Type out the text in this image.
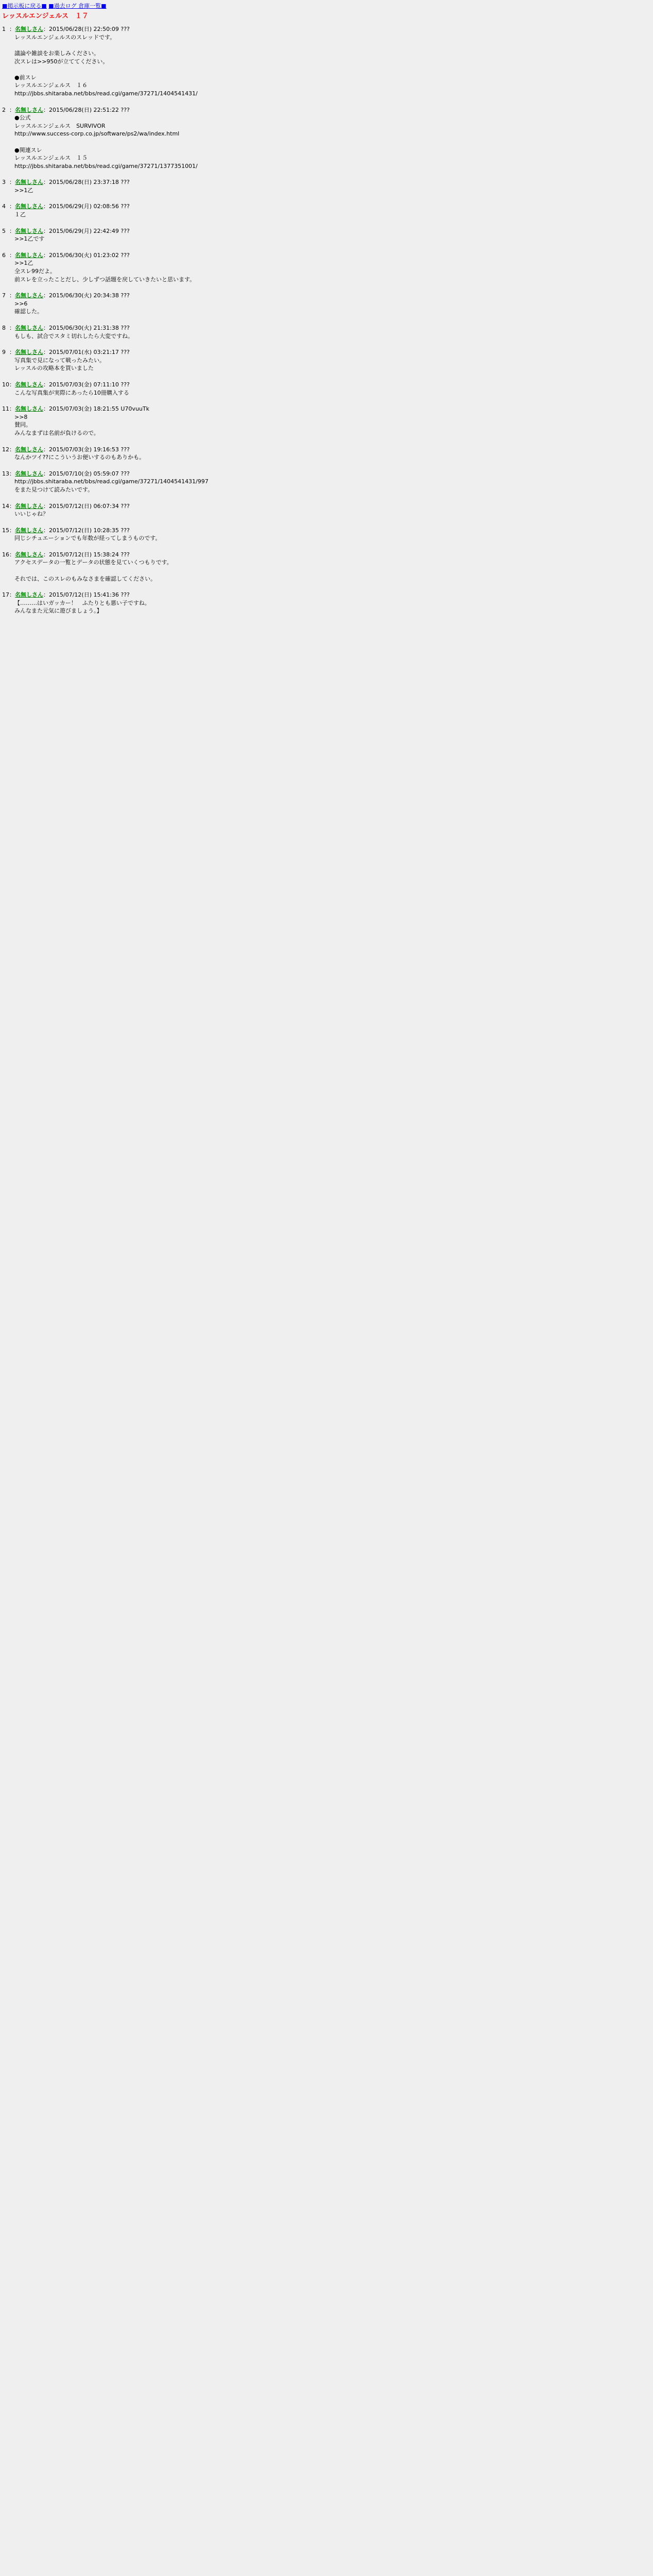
■掲示板に戻る■ ■過去ログ 倉庫一覧■
レッスルエンジェルス　１７
1 ：名無しさん：2015/06/28(日) 22:50:09 ???
レッスルエンジェルスのスレッドです。

議論や雑談をお楽しみください。
次スレは>>950が立ててください。

●前スレ
レッスルエンジェルス　１６
http://jbbs.shitaraba.net/bbs/read.cgi/game/37271/1404541431/
2 ：名無しさん：2015/06/28(日) 22:51:22 ???
●公式
レッスルエンジェルス　SURVIVOR
http://www.success-corp.co.jp/software/ps2/wa/index.html

●関連スレ
レッスルエンジェルス　１５
http://jbbs.shitaraba.net/bbs/read.cgi/game/37271/1377351001/
3 ：名無しさん：2015/06/28(日) 23:37:18 ???
>>1乙
4 ：名無しさん：2015/06/29(月) 02:08:56 ???
１乙
5 ：名無しさん：2015/06/29(月) 22:42:49 ???
>>1乙です
6 ：名無しさん：2015/06/30(火) 01:23:02 ???
>>1乙
全スレ99だよ。
前スレを立ったことだし、少しずつ話題を戻していきたいと思います。
7 ：名無しさん：2015/06/30(火) 20:34:38 ???
>>6
確認した。
8 ：名無しさん：2015/06/30(火) 21:31:38 ???
もしも、試合でスタミ切れしたら大変ですね。
9 ：名無しさん：2015/07/01(水) 03:21:17 ???
写真集で見になって戦ったみたい。
レッスルの攻略本を買いました
10：名無しさん：2015/07/03(金) 07:11:10 ???
こんな写真集が実際にあったら10冊購入する
11：名無しさん：2015/07/03(金) 18:21:55 U70vuuTk
>>8
賛同。
みんなまずは名前が負けるので。
12：名無しさん：2015/07/03(金) 19:16:53 ???
なんかツイ??にこういうお便いするのもありかも。
13：名無しさん：2015/07/10(金) 05:59:07 ???
http://jbbs.shitaraba.net/bbs/read.cgi/game/37271/1404541431/997
をまた見つけて読みたいです。
14：名無しさん：2015/07/12(日) 06:07:34 ???
いいじゃね？
15：名無しさん：2015/07/12(日) 10:28:35 ???
同じシチュエーションでも年数が経ってしまうものです。
16：名無しさん：2015/07/12(日) 15:38:24 ???
アクセスデータの一覧とデータの状態を見ていくつもりです。

それでは、このスレのもみなさまを確認してください。
17：名無しさん：2015/07/12(日) 15:41:36 ???
【………はいガッカー！　ふたりとも悪い子ですね。
みんなまた元気に遊びましょう。】
